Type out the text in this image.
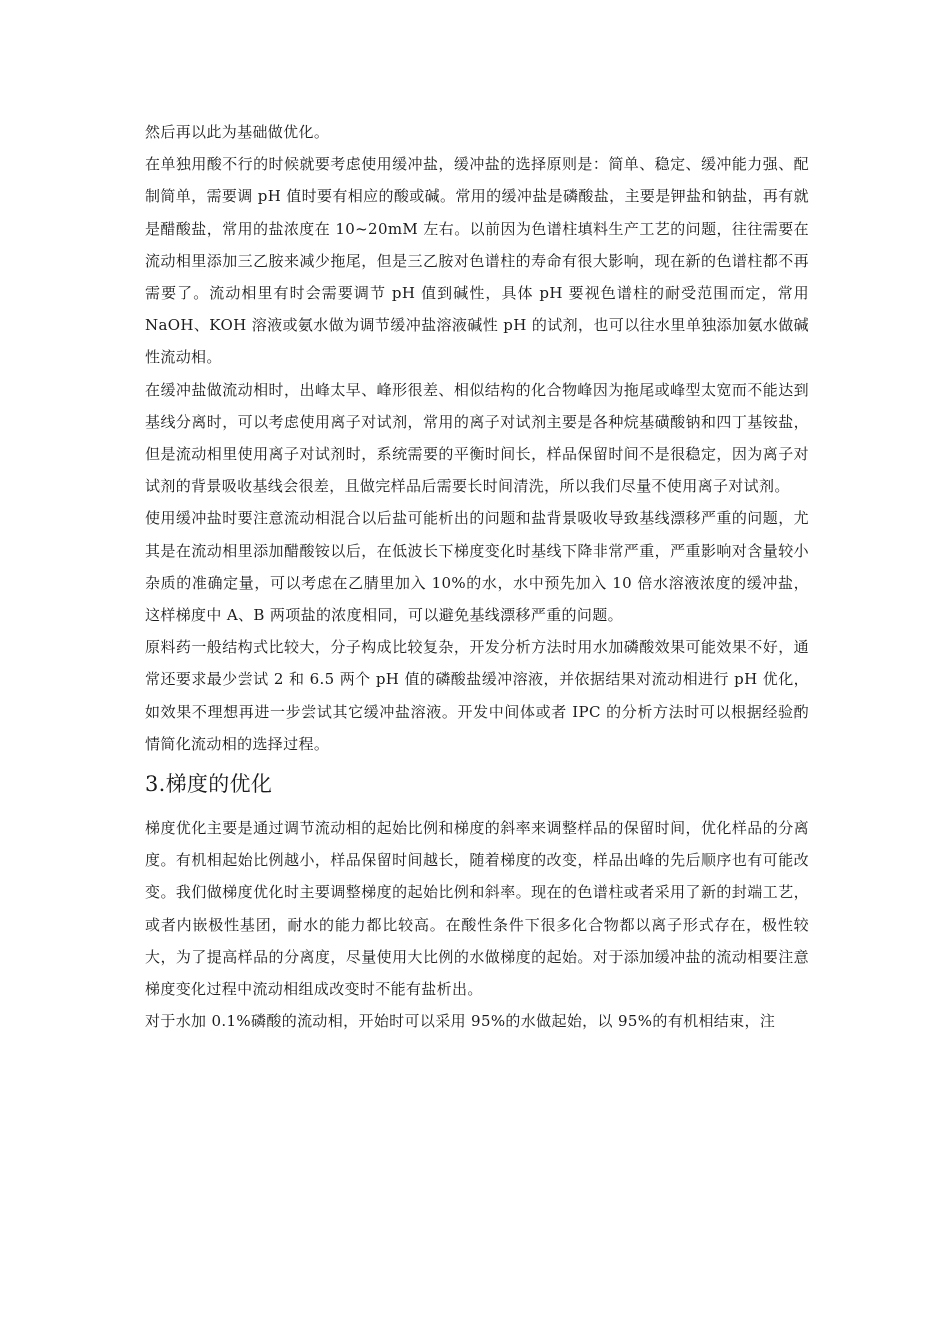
然后再以此为基础做优化。

在单独用酸不行的时候就要考虑使用缓冲盐，缓冲盐的选择原则是：简单、稳定、缓冲能力强、配制简单，需要调 pH 值时要有相应的酸或碱。常用的缓冲盐是磷酸盐，主要是钾盐和钠盐，再有就是醋酸盐，常用的盐浓度在 10~20mM 左右。以前因为色谱柱填料生产工艺的问题，往往需要在流动相里添加三乙胺来减少拖尾，但是三乙胺对色谱柱的寿命有很大影响，现在新的色谱柱都不再需要了。流动相里有时会需要调节 pH 值到碱性，具体 pH 要视色谱柱的耐受范围而定，常用 NaOH、KOH 溶液或氨水做为调节缓冲盐溶液碱性 pH 的试剂，也可以往水里单独添加氨水做碱性流动相。

在缓冲盐做流动相时，出峰太早、峰形很差、相似结构的化合物峰因为拖尾或峰型太宽而不能达到基线分离时，可以考虑使用离子对试剂，常用的离子对试剂主要是各种烷基磺酸钠和四丁基铵盐，但是流动相里使用离子对试剂时，系统需要的平衡时间长，样品保留时间不是很稳定，因为离子对试剂的背景吸收基线会很差，且做完样品后需要长时间清洗，所以我们尽量不使用离子对试剂。

使用缓冲盐时要注意流动相混合以后盐可能析出的问题和盐背景吸收导致基线漂移严重的问题，尤其是在流动相里添加醋酸铵以后，在低波长下梯度变化时基线下降非常严重，严重影响对含量较小杂质的准确定量，可以考虑在乙腈里加入 10%的水，水中预先加入 10 倍水溶液浓度的缓冲盐，这样梯度中 A、B 两项盐的浓度相同，可以避免基线漂移严重的问题。

原料药一般结构式比较大，分子构成比较复杂，开发分析方法时用水加磷酸效果可能效果不好，通常还要求最少尝试 2 和 6.5 两个 pH 值的磷酸盐缓冲溶液，并依据结果对流动相进行 pH 优化，如效果不理想再进一步尝试其它缓冲盐溶液。开发中间体或者 IPC 的分析方法时可以根据经验酌情简化流动相的选择过程。

3.梯度的优化

梯度优化主要是通过调节流动相的起始比例和梯度的斜率来调整样品的保留时间，优化样品的分离度。有机相起始比例越小，样品保留时间越长，随着梯度的改变，样品出峰的先后顺序也有可能改变。我们做梯度优化时主要调整梯度的起始比例和斜率。现在的色谱柱或者采用了新的封端工艺，或者内嵌极性基团，耐水的能力都比较高。在酸性条件下很多化合物都以离子形式存在，极性较大，为了提高样品的分离度，尽量使用大比例的水做梯度的起始。对于添加缓冲盐的流动相要注意梯度变化过程中流动相组成改变时不能有盐析出。

对于水加 0.1%磷酸的流动相，开始时可以采用 95%的水做起始，以 95%的有机相结束，注
